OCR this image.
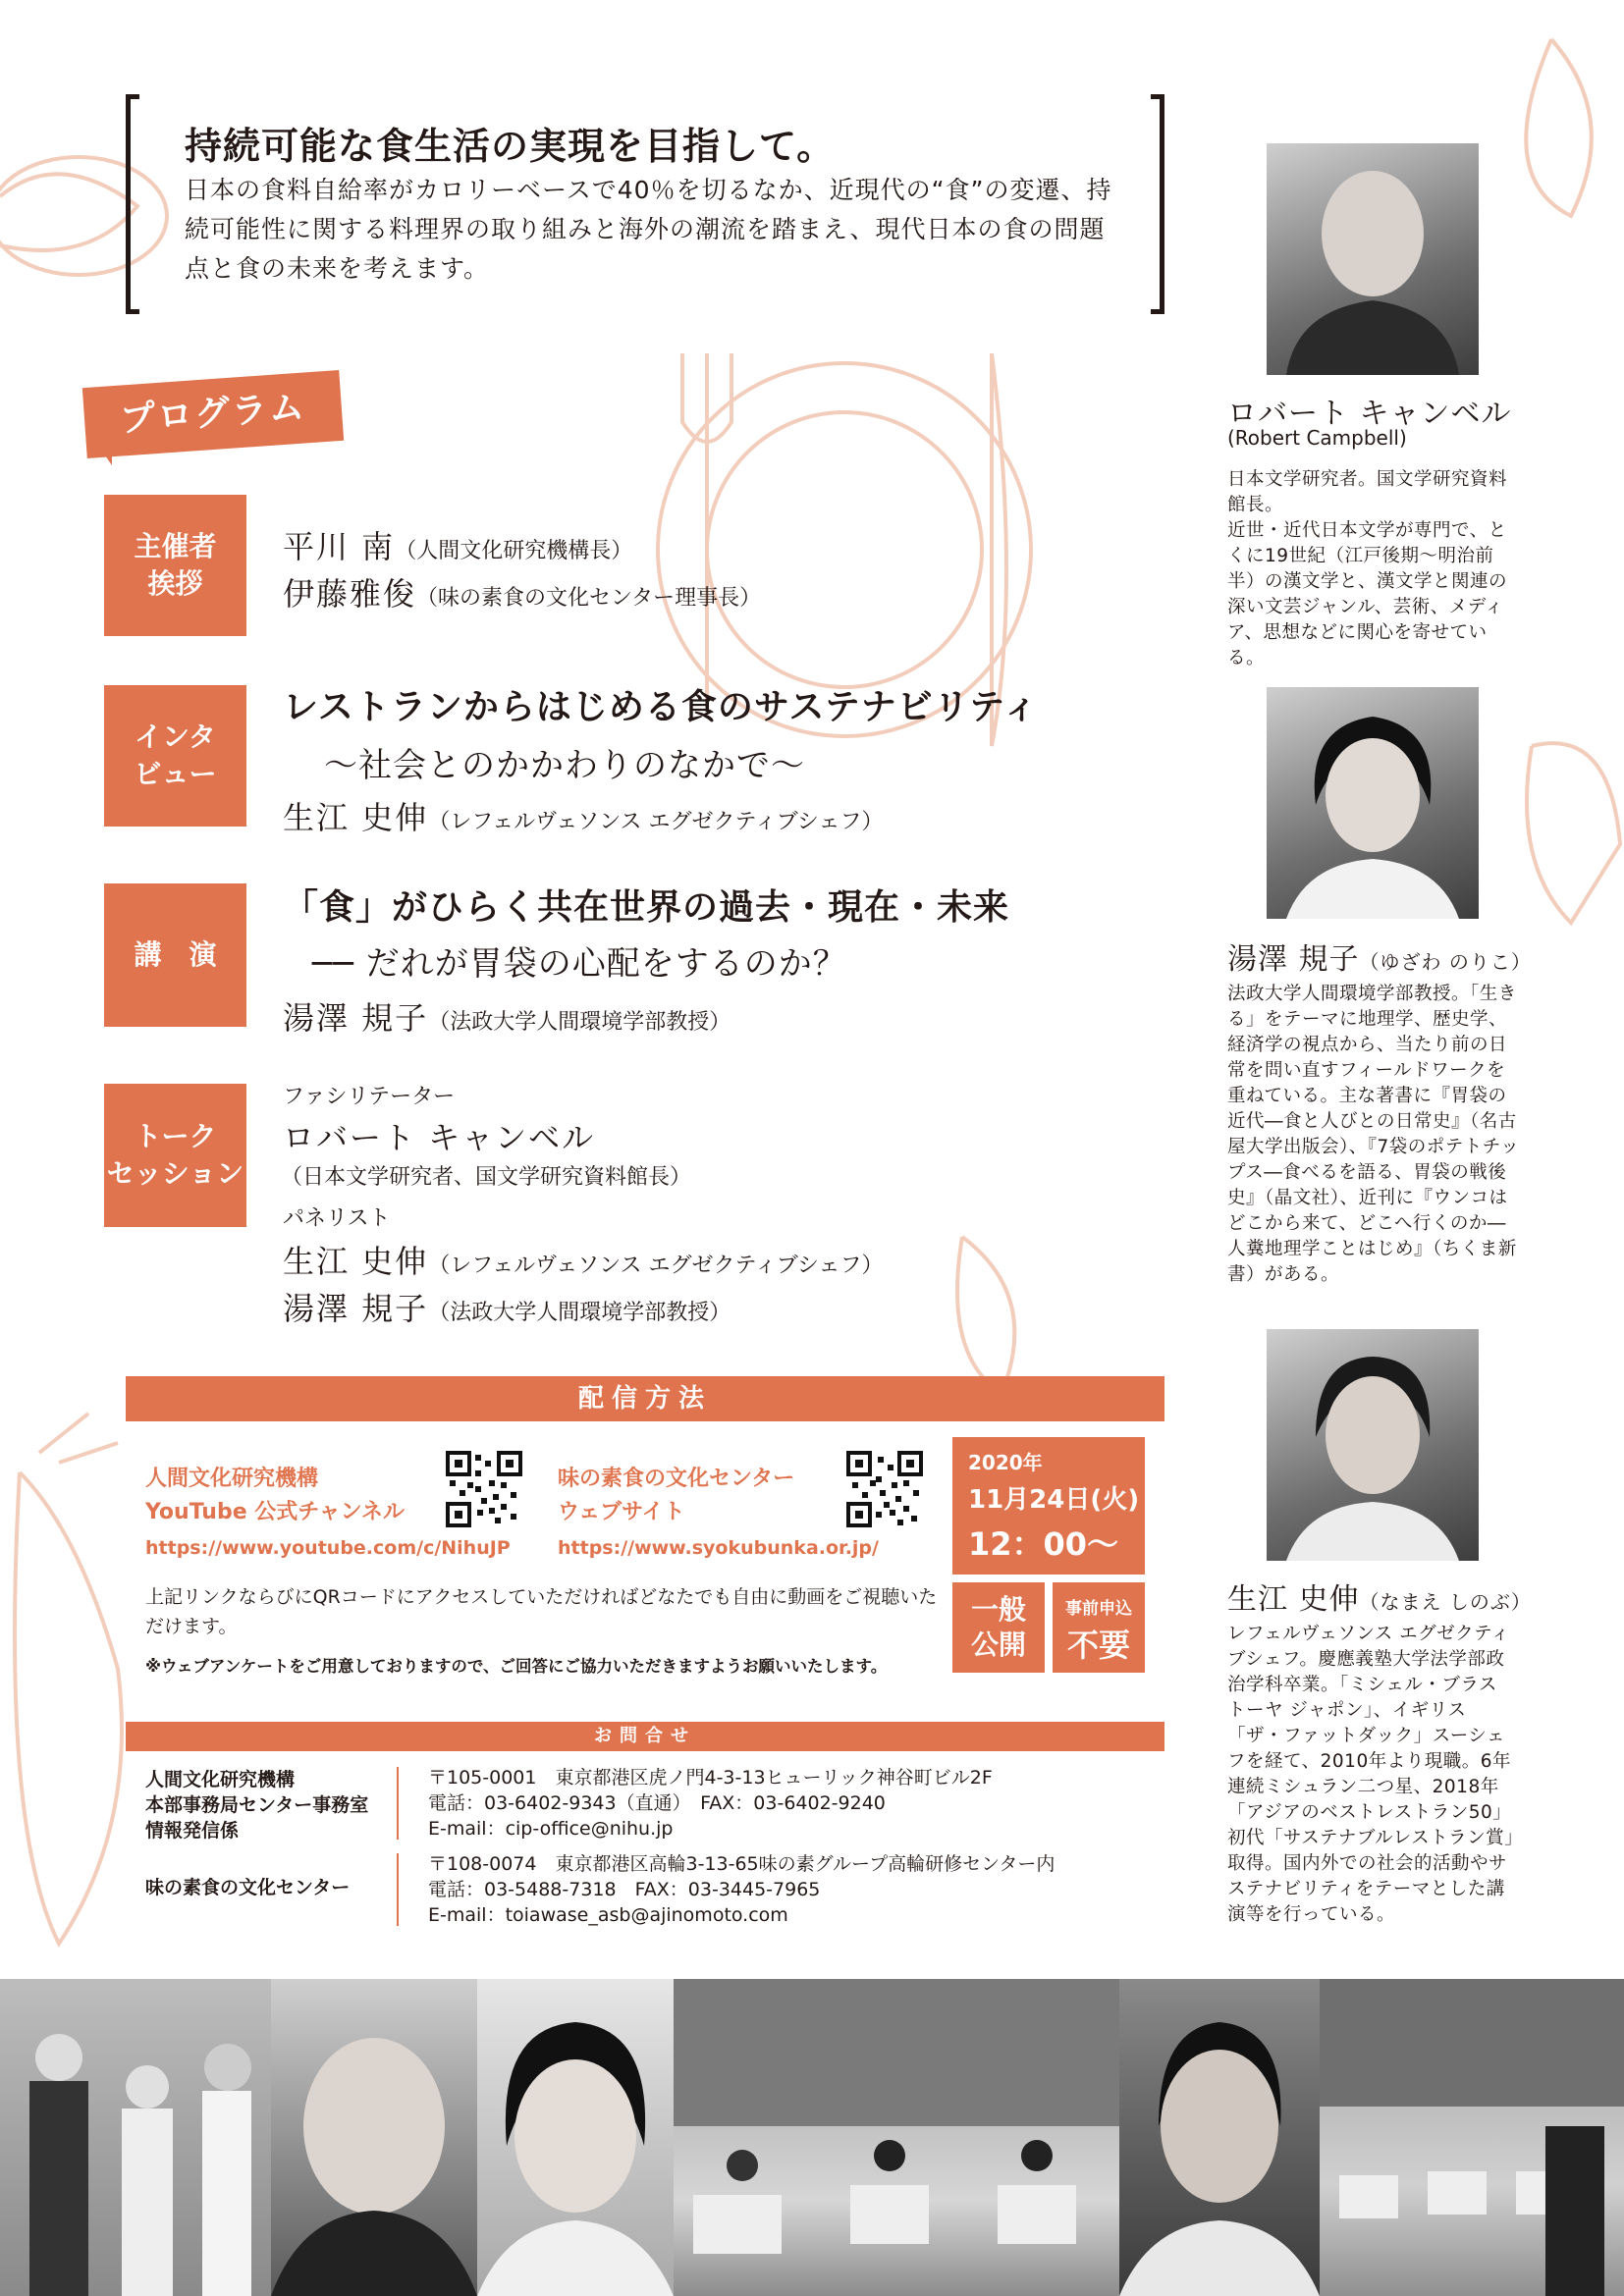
持続可能な食生活の実現を目指して。
日本の食料自給率がカロリーベースで40％を切るなか、近現代の“食”の変遷、持続可能性に関する料理界の取り組みと海外の潮流を踏まえ、現代日本の食の問題点と食の未来を考えます。
プログラム
主催者
挨拶
平川 南（人間文化研究機構長）
伊藤雅俊（味の素食の文化センター理事長）
インタ
ビュー
レストランからはじめる食のサステナビリティ
～社会とのかかわりのなかで～
生江 史伸（レフェルヴェソンス エグゼクティブシェフ）
講　演
「食」がひらく共在世界の過去・現在・未来
── だれが胃袋の心配をするのか？
湯澤 規子（法政大学人間環境学部教授）
トーク
セッション
ファシリテーター
ロバート キャンベル
（日本文学研究者、国文学研究資料館長）
パネリスト
生江 史伸（レフェルヴェソンス エグゼクティブシェフ）
湯澤 規子（法政大学人間環境学部教授）
ロバート キャンベル
(Robert Campbell)
日本文学研究者。国文学研究資料館長。
近世・近代日本文学が専門で、とくに19世紀（江戸後期～明治前半）の漢文学と、漢文学と関連の深い文芸ジャンル、芸術、メディア、思想などに関心を寄せている。
湯澤 規子（ゆざわ のりこ）
法政大学人間環境学部教授。「生きる」をテーマに地理学、歴史学、経済学の視点から、当たり前の日常を問い直すフィールドワークを重ねている。主な著書に『胃袋の近代―食と人びとの日常史』（名古屋大学出版会）、『7袋のポテトチップス―食べるを語る、胃袋の戦後史』（晶文社）、近刊に『ウンコはどこから来て、どこへ行くのか―人糞地理学ことはじめ』（ちくま新書）がある。
生江 史伸（なまえ しのぶ）
レフェルヴェソンス エグゼクティブシェフ。慶應義塾大学法学部政治学科卒業。「ミシェル・ブラス トーヤ ジャポン」、イギリス「ザ・ファットダック」スーシェフを経て、2010年より現職。6年連続ミシュラン二つ星、2018年「アジアのベストレストラン50」初代「サステナブルレストラン賞」取得。国内外での社会的活動やサステナビリティをテーマとした講演等を行っている。
配信方法
人間文化研究機構
YouTube 公式チャンネル
https://www.youtube.com/c/NihuJP
味の素食の文化センター
ウェブサイト
https://www.syokubunka.or.jp/
上記リンクならびにQRコードにアクセスしていただければどなたでも自由に動画をご視聴いただけます。
※ウェブアンケートをご用意しておりますので、ご回答にご協力いただきますようお願いいたします。
2020年
11月24日(火)
12：00～
一般
公開
事前申込
不要
お問合せ
人間文化研究機構
本部事務局センター事務室
情報発信係
〒105-0001　東京都港区虎ノ門4-3-13ヒューリック神谷町ビル2F
電話：03-6402-9343（直通）　FAX：03-6402-9240
E-mail：cip-office@nihu.jp
味の素食の文化センター
〒108-0074　東京都港区高輪3-13-65味の素グループ高輪研修センター内
電話：03-5488-7318　FAX：03-3445-7965
E-mail：toiawase_asb@ajinomoto.com
